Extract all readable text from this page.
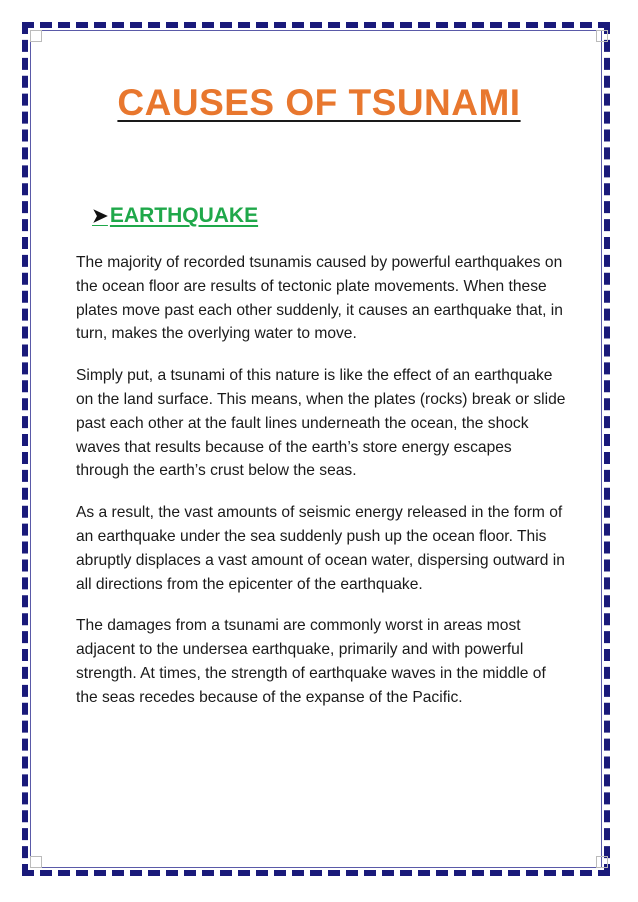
CAUSES OF TSUNAMI
➤ EARTHQUAKE

The majority of recorded tsunamis caused by powerful earthquakes on the ocean floor are results of tectonic plate movements. When these plates move past each other suddenly, it causes an earthquake that, in turn, makes the overlying water to move.

Simply put, a tsunami of this nature is like the effect of an earthquake on the land surface. This means, when the plates (rocks) break or slide past each other at the fault lines underneath the ocean, the shock waves that results because of the earth’s store energy escapes through the earth’s crust below the seas.

As a result, the vast amounts of seismic energy released in the form of an earthquake under the sea suddenly push up the ocean floor. This abruptly displaces a vast amount of ocean water, dispersing outward in all directions from the epicenter of the earthquake.

The damages from a tsunami are commonly worst in areas most adjacent to the undersea earthquake, primarily and with powerful strength. At times, the strength of earthquake waves in the middle of the seas recedes because of the expanse of the Pacific.
